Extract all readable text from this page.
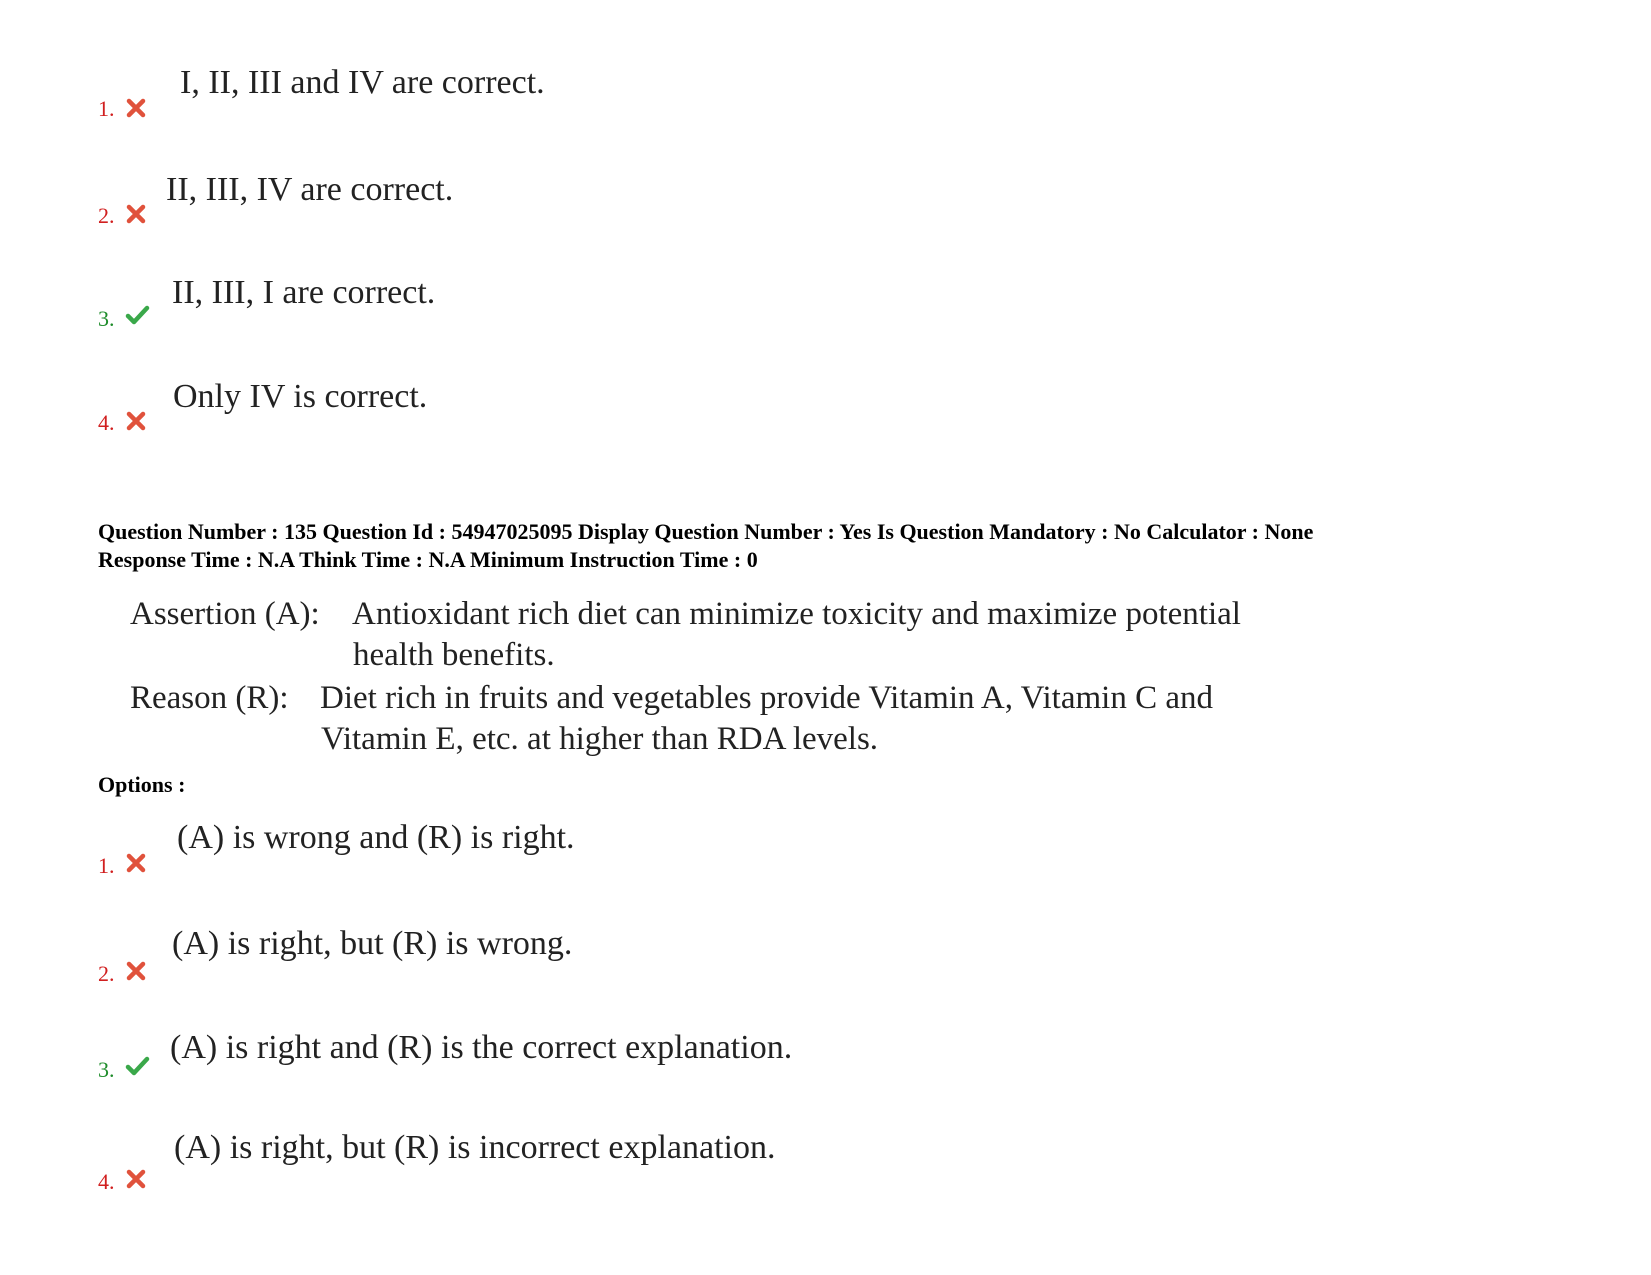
I, II, III and IV are correct.
1.
II, III, IV are correct.
2.
II, III, I are correct.
3.
Only IV is correct.
4.
Question Number : 135 Question Id : 54947025095 Display Question Number : Yes Is Question Mandatory : No Calculator : None
Response Time : N.A Think Time : N.A Minimum Instruction Time : 0
Assertion (A): Antioxidant rich diet can minimize toxicity and maximize potential
health benefits.
Reason (R): Diet rich in fruits and vegetables provide Vitamin A, Vitamin C and
Vitamin E, etc. at higher than RDA levels.
Options :
(A) is wrong and (R) is right.
1.
(A) is right, but (R) is wrong.
2.
(A) is right and (R) is the correct explanation.
3.
(A) is right, but (R) is incorrect explanation.
4.
